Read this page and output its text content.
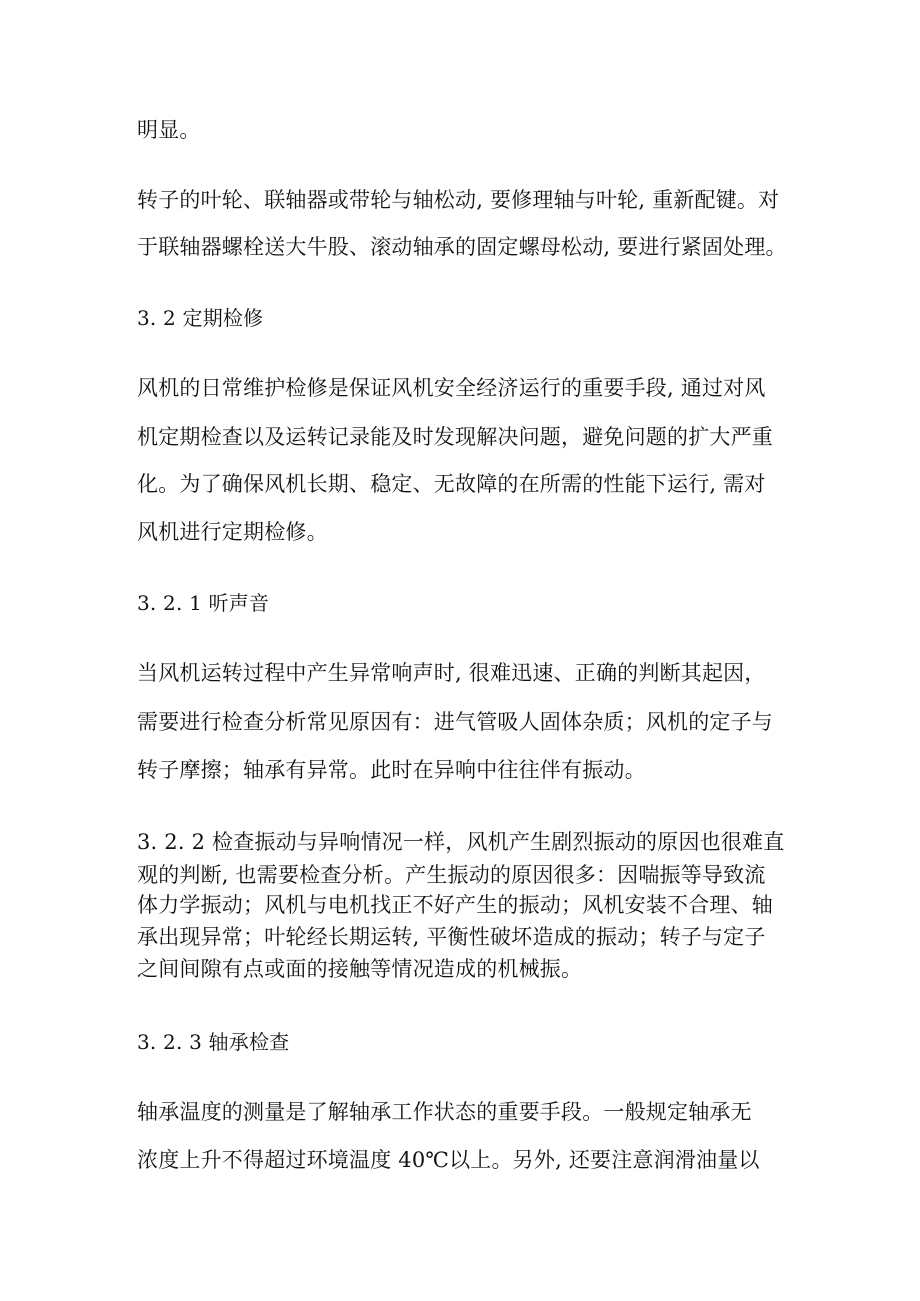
明显。
转子的叶轮、联轴器或带轮与轴松动, 要修理轴与叶轮, 重新配键。对
于联轴器螺栓送大牛股、滚动轴承的固定螺母松动, 要进行紧固处理。
3. 2 定期检修
风机的日常维护检修是保证风机安全经济运行的重要手段, 通过对风
机定期检查以及运转记录能及时发现解决问题，避免问题的扩大严重
化。为了确保风机长期、稳定、无故障的在所需的性能下运行, 需对
风机进行定期检修。
3. 2. 1 听声音
当风机运转过程中产生异常响声时, 很难迅速、正确的判断其起因，
需要进行检查分析常见原因有：进气管吸人固体杂质；风机的定子与
转子摩擦；轴承有异常。此时在异响中往往伴有振动。
3. 2. 2 检查振动与异响情况一样，风机产生剧烈振动的原因也很难直
观的判断, 也需要检查分析。产生振动的原因很多：因喘振等导致流
体力学振动；风机与电机找正不好产生的振动；风机安装不合理、轴
承出现异常；叶轮经长期运转, 平衡性破坏造成的振动；转子与定子
之间间隙有点或面的接触等情况造成的机械振。
3. 2. 3 轴承检查
轴承温度的测量是了解轴承工作状态的重要手段。一般规定轴承无
浓度上升不得超过环境温度 40℃以上。另外, 还要注意润滑油量以
